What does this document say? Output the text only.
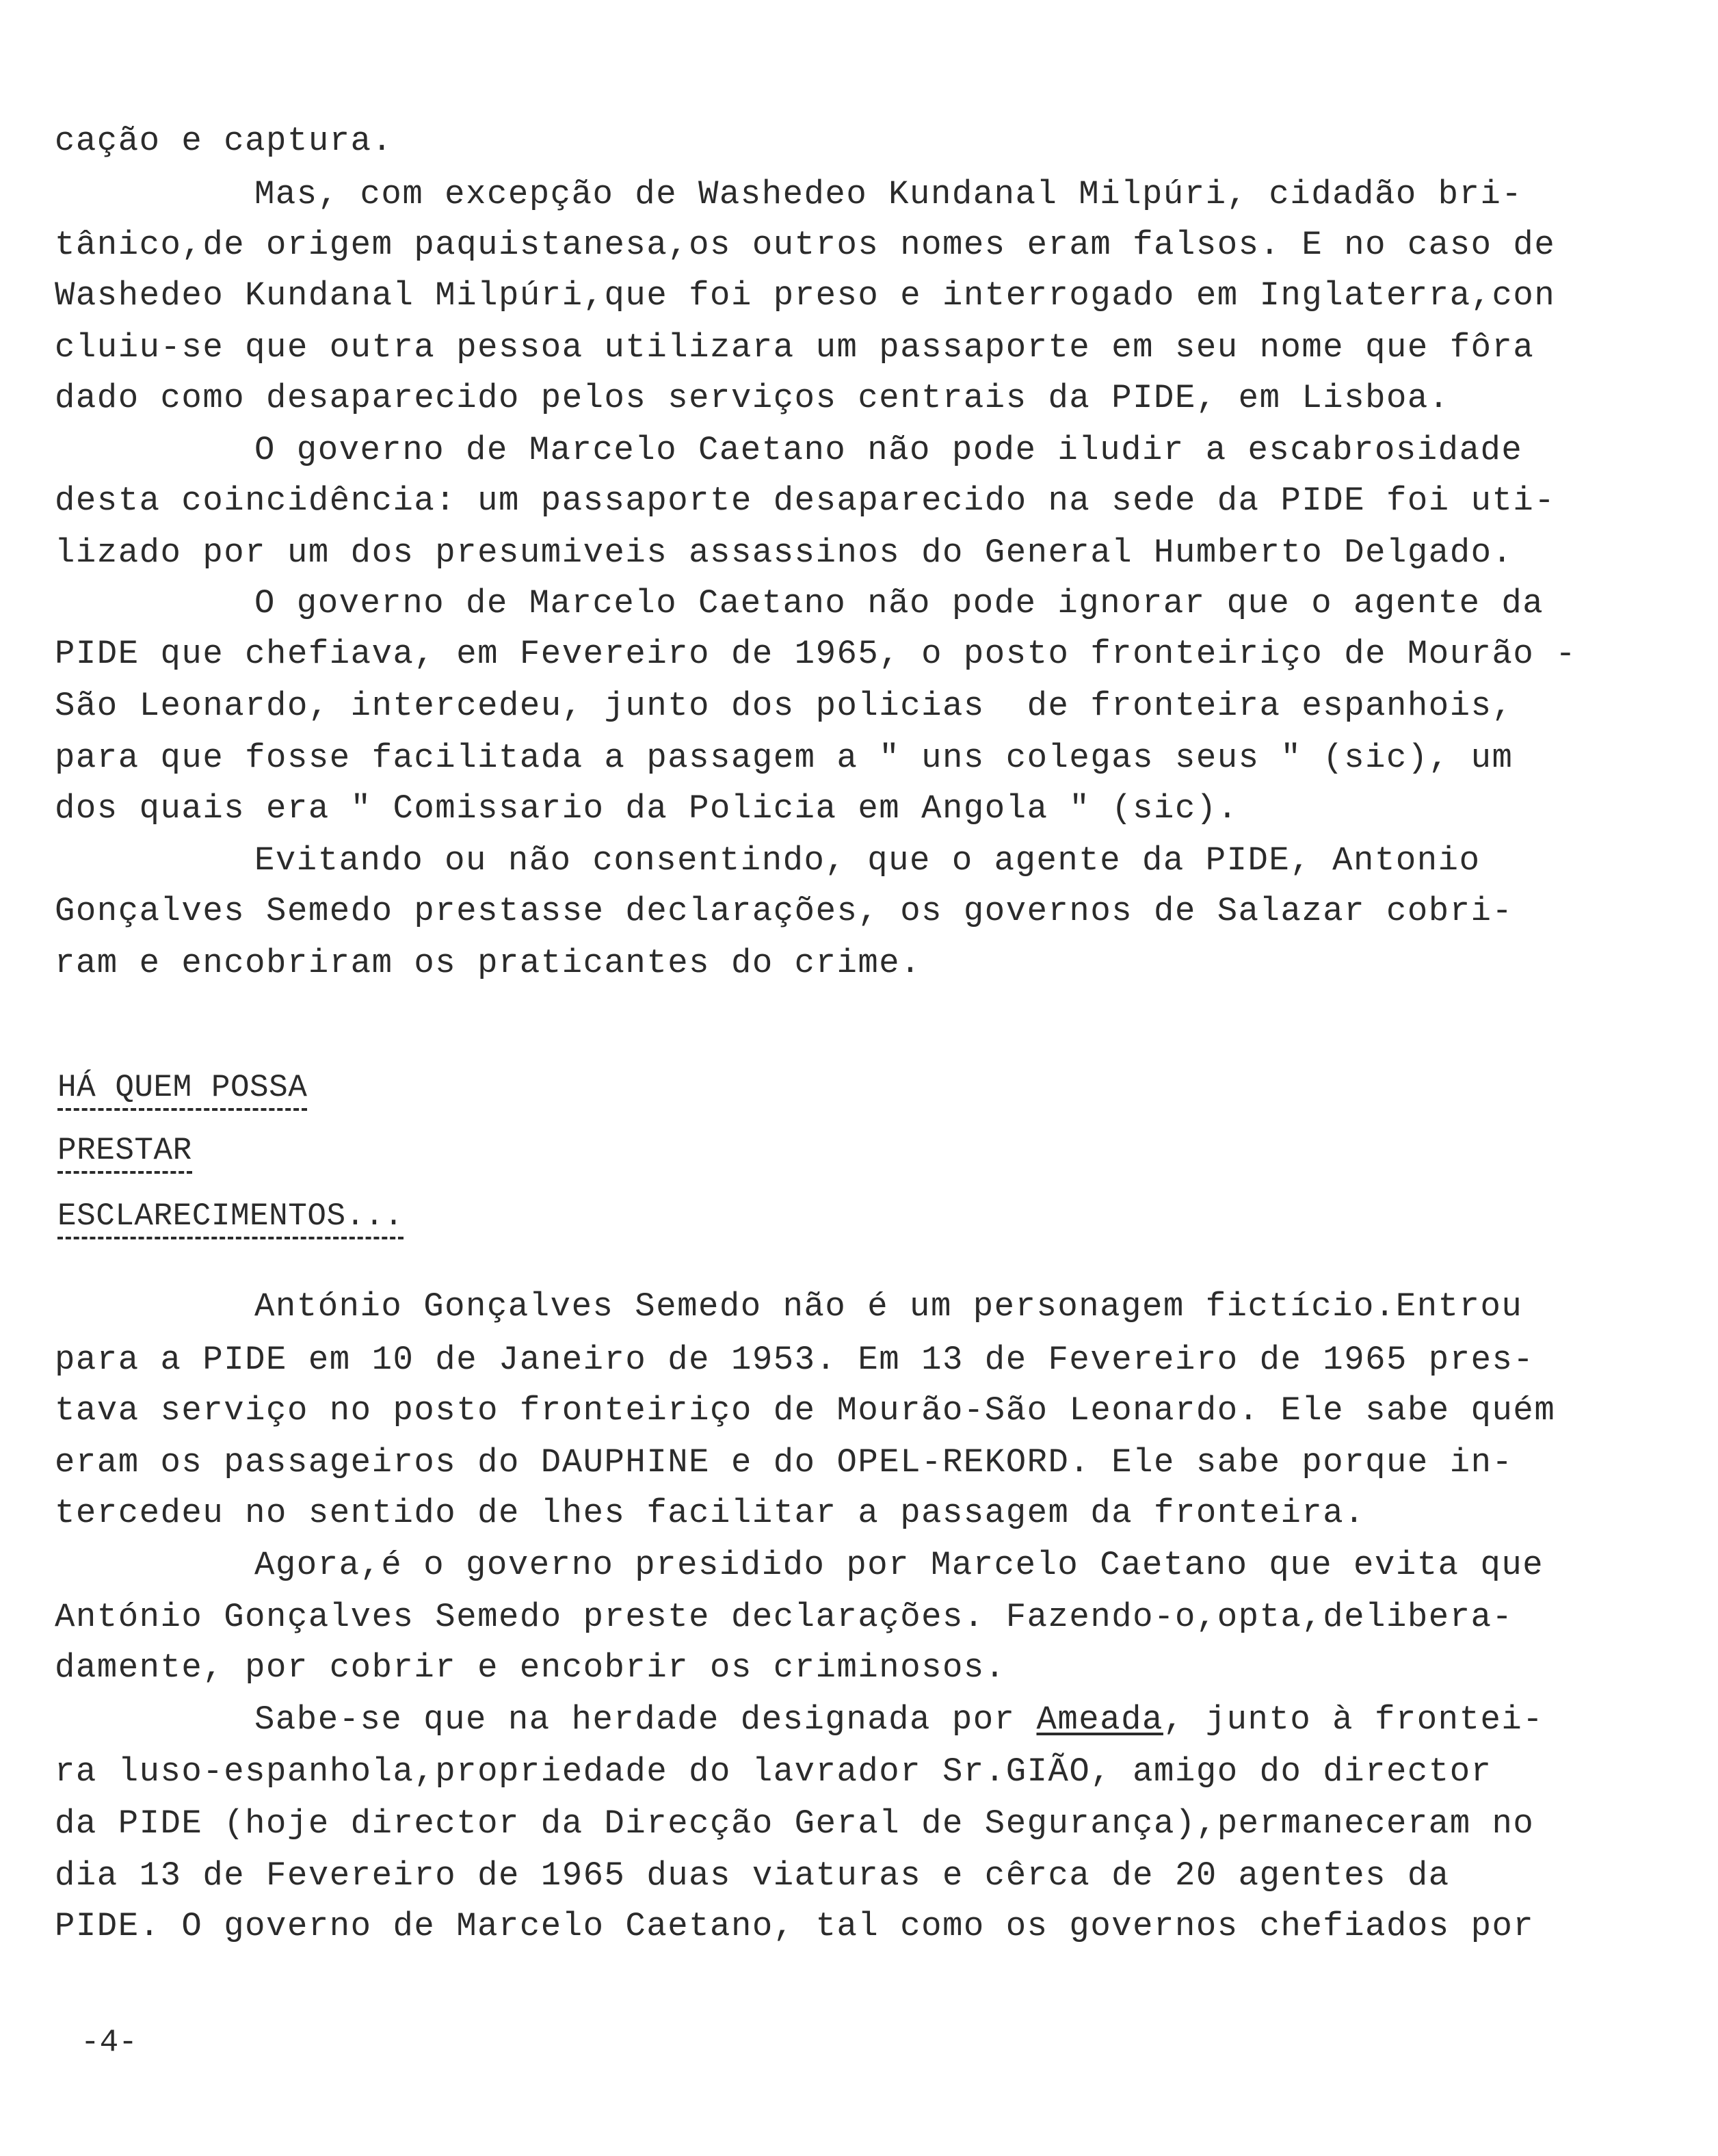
cação e captura.

Mas, com excepção de Washedeo Kundanal Milpúri, cidadão bri-

tânico,de origem paquistanesa,os outros nomes eram falsos. E no caso de

Washedeo Kundanal Milpúri,que foi preso e interrogado em Inglaterra,con

cluiu-se que outra pessoa utilizara um passaporte em seu nome que fôra

dado como desaparecido pelos serviços centrais da PIDE, em Lisboa.

O governo de Marcelo Caetano não pode iludir a escabrosidade

desta coincidência: um passaporte desaparecido na sede da PIDE foi uti-

lizado por um dos presumiveis assassinos do General Humberto Delgado.

O governo de Marcelo Caetano não pode ignorar que o agente da

PIDE que chefiava, em Fevereiro de 1965, o posto fronteiriço de Mourão -

São Leonardo, intercedeu, junto dos policias  de fronteira espanhois,

para que fosse facilitada a passagem a " uns colegas seus " (sic), um

dos quais era " Comissario da Policia em Angola " (sic).

Evitando ou não consentindo, que o agente da PIDE, Antonio

Gonçalves Semedo prestasse declarações, os governos de Salazar cobri-

ram e encobriram os praticantes do crime.

HÁ QUEM POSSA

PRESTAR

ESCLARECIMENTOS...

António Gonçalves Semedo não é um personagem fictício.Entrou

para a PIDE em 10 de Janeiro de 1953. Em 13 de Fevereiro de 1965 pres-

tava serviço no posto fronteiriço de Mourão-São Leonardo. Ele sabe quém

eram os passageiros do DAUPHINE e do OPEL-REKORD. Ele sabe porque in-

tercedeu no sentido de lhes facilitar a passagem da fronteira.

Agora,é o governo presidido por Marcelo Caetano que evita que

António Gonçalves Semedo preste declarações. Fazendo-o,opta,delibera-

damente, por cobrir e encobrir os criminosos.

Sabe-se que na herdade designada por Ameada, junto à frontei-

ra luso-espanhola,propriedade do lavrador Sr.GIÃO, amigo do director

da PIDE (hoje director da Direcção Geral de Segurança),permaneceram no

dia 13 de Fevereiro de 1965 duas viaturas e cêrca de 20 agentes da

PIDE. O governo de Marcelo Caetano, tal como os governos chefiados por

-4-
